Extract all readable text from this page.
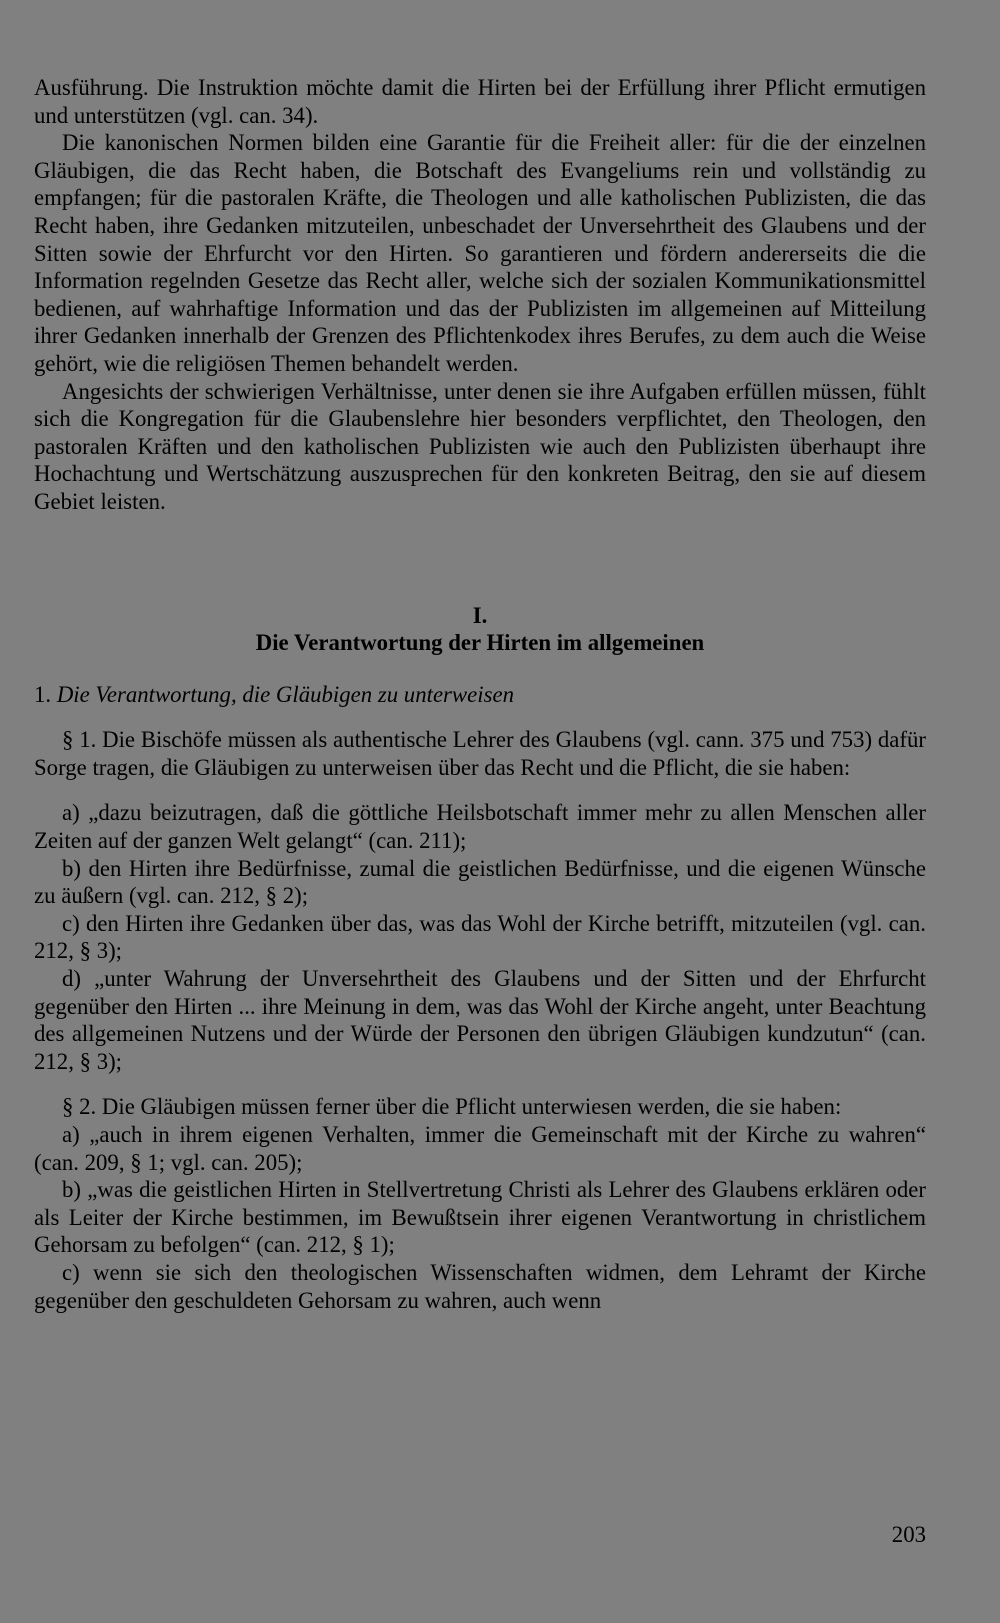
Ausführung. Die Instruktion möchte damit die Hirten bei der Erfüllung ihrer Pflicht ermutigen und unterstützen (vgl. can. 34).

Die kanonischen Normen bilden eine Garantie für die Freiheit aller: für die der einzelnen Gläubigen, die das Recht haben, die Botschaft des Evangeliums rein und vollständig zu empfangen; für die pastoralen Kräfte, die Theologen und alle katholischen Publizisten, die das Recht haben, ihre Gedanken mitzuteilen, unbeschadet der Unversehrtheit des Glaubens und der Sitten sowie der Ehrfurcht vor den Hirten. So garantieren und fördern andererseits die die Information regelnden Gesetze das Recht aller, welche sich der sozialen Kommunikationsmittel bedienen, auf wahrhaftige Information und das der Publizisten im allgemeinen auf Mitteilung ihrer Gedanken innerhalb der Grenzen des Pflichtenkodex ihres Berufes, zu dem auch die Weise gehört, wie die religiösen Themen behandelt werden.

Angesichts der schwierigen Verhältnisse, unter denen sie ihre Aufgaben erfüllen müssen, fühlt sich die Kongregation für die Glaubenslehre hier besonders verpflichtet, den Theologen, den pastoralen Kräften und den katholischen Publizisten wie auch den Publizisten überhaupt ihre Hochachtung und Wertschätzung auszusprechen für den konkreten Beitrag, den sie auf diesem Gebiet leisten.

I.

Die Verantwortung der Hirten im allgemeinen

1. Die Verantwortung, die Gläubigen zu unterweisen

§ 1. Die Bischöfe müssen als authentische Lehrer des Glaubens (vgl. cann. 375 und 753) dafür Sorge tragen, die Gläubigen zu unterweisen über das Recht und die Pflicht, die sie haben:

a) „dazu beizutragen, daß die göttliche Heilsbotschaft immer mehr zu allen Menschen aller Zeiten auf der ganzen Welt gelangt“ (can. 211);

b) den Hirten ihre Bedürfnisse, zumal die geistlichen Bedürfnisse, und die eigenen Wünsche zu äußern (vgl. can. 212, § 2);

c) den Hirten ihre Gedanken über das, was das Wohl der Kirche betrifft, mitzuteilen (vgl. can. 212, § 3);

d) „unter Wahrung der Unversehrtheit des Glaubens und der Sitten und der Ehrfurcht gegenüber den Hirten ... ihre Meinung in dem, was das Wohl der Kirche angeht, unter Beachtung des allgemeinen Nutzens und der Würde der Personen den übrigen Gläubigen kundzutun“ (can. 212, § 3);

§ 2. Die Gläubigen müssen ferner über die Pflicht unterwiesen werden, die sie haben:

a) „auch in ihrem eigenen Verhalten, immer die Gemeinschaft mit der Kirche zu wahren“ (can. 209, § 1; vgl. can. 205);

b) „was die geistlichen Hirten in Stellvertretung Christi als Lehrer des Glaubens erklären oder als Leiter der Kirche bestimmen, im Bewußtsein ihrer eigenen Verantwortung in christlichem Gehorsam zu befolgen“ (can. 212, § 1);

c) wenn sie sich den theologischen Wissenschaften widmen, dem Lehramt der Kirche gegenüber den geschuldeten Gehorsam zu wahren, auch wenn

203
